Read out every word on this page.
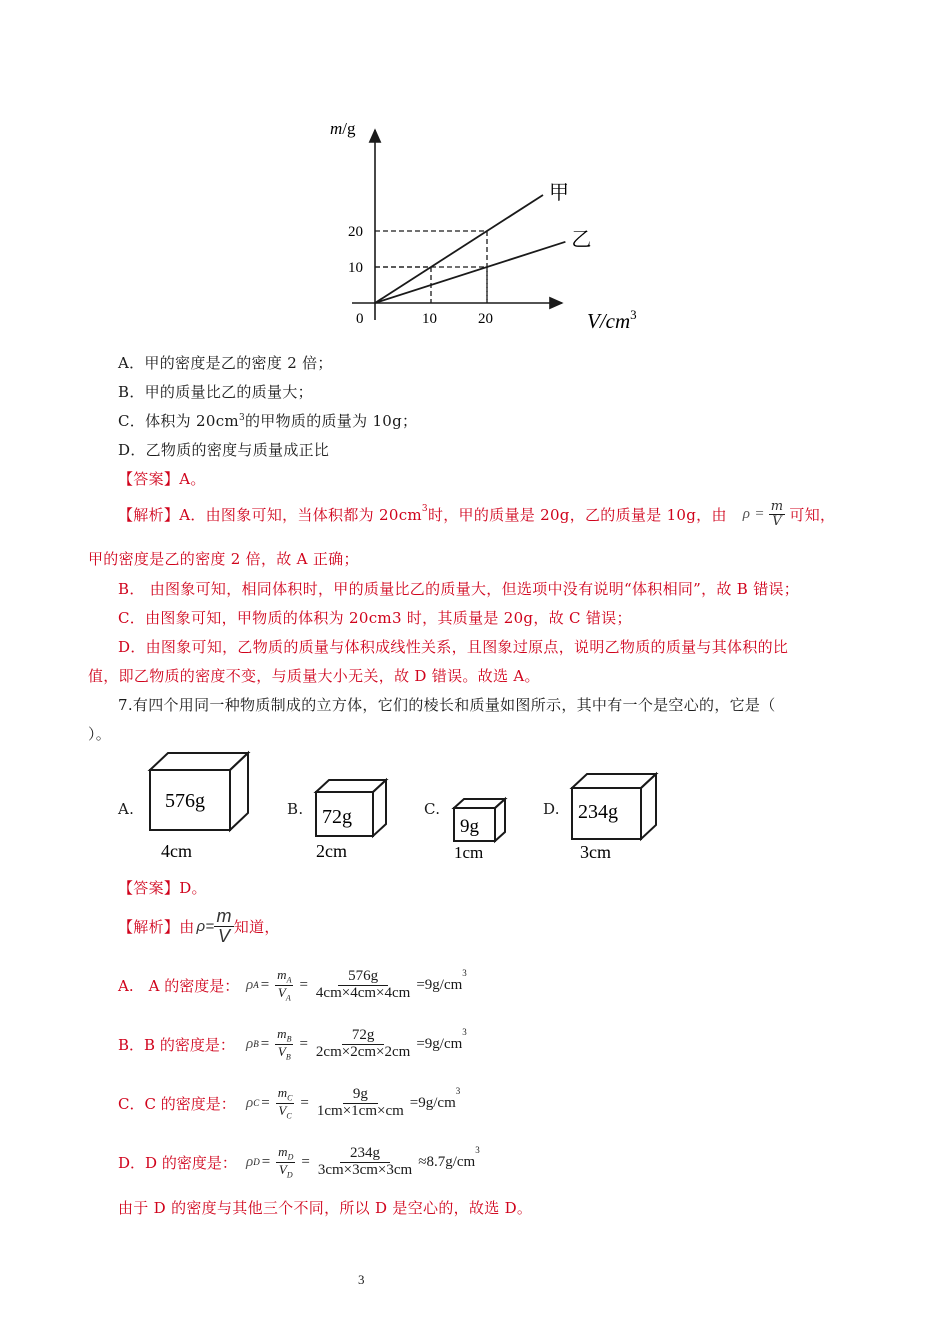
甲
乙
10	20
10
20
0
m/g
$V/cm^3$
A．甲的密度是乙的密度 2 倍；
B．甲的质量比乙的质量大；
C．体积为 $20cm^3$的甲物质的质量为 10g；
D．乙物质的密度与质量成正比
【答案】A。
【解析】A．由图象可知，当体积都为 $20cm^3$ 时，甲的质量是 20g，乙的质量是 10g，由 $\rho = \frac{m}{V}$ 可知，
甲的密度是乙的密度 2 倍，故 A 正确；
B． 由图象可知，相同体积时，甲的质量比乙的质量大，但选项中没有说明“体积相同”，故 B 错误；
C．由图象可知，甲物质的体积为 20cm3 时，其质量是 20g，故 C 错误；
D．由图象可知，乙物质的质量与体积成线性关系，且图象过原点，说明乙物质的质量与其体积的比
值，即乙物质的密度不变，与质量大小无关，故 D 错误。故选 A。
7.有四个用同一种物质制成的立方体，它们的棱长和质量如图所示，其中有一个是空心的，它是（
）。
A. 576g
4cm
B. 72g
2cm
C.
9g
1cm
D. 234g
3cm
【答案】D。
【解析】由 $\rho= \frac{m}{V}$ 知道，
A.　A 的密度是： ρ $A = \frac{m_A}{V_A} = \frac{576g}{4cm\times 4cm\times 4cm} = 9g/cm$
$^3$
B．B 的密度是： ρ $B = \frac{m_B}{V_B} = \frac{72g}{2cm\times 2cm\times 2cm} = 9g/cm$
$^3$
C．C 的密度是： ρ $C = \frac{m_C}{V_C} = \frac{9g}{1cm\times 1cm\times cm} = 9g/cm$
$^3$
D．D 的密度是： ρ $D = \frac{m_D}{V_D} = \frac{234g}{3cm\times 3cm\times 3cm} \approx 8.7g/cm$
$^3$
由于 D 的密度与其他三个不同，所以 D 是空心的，故选 D。
3
